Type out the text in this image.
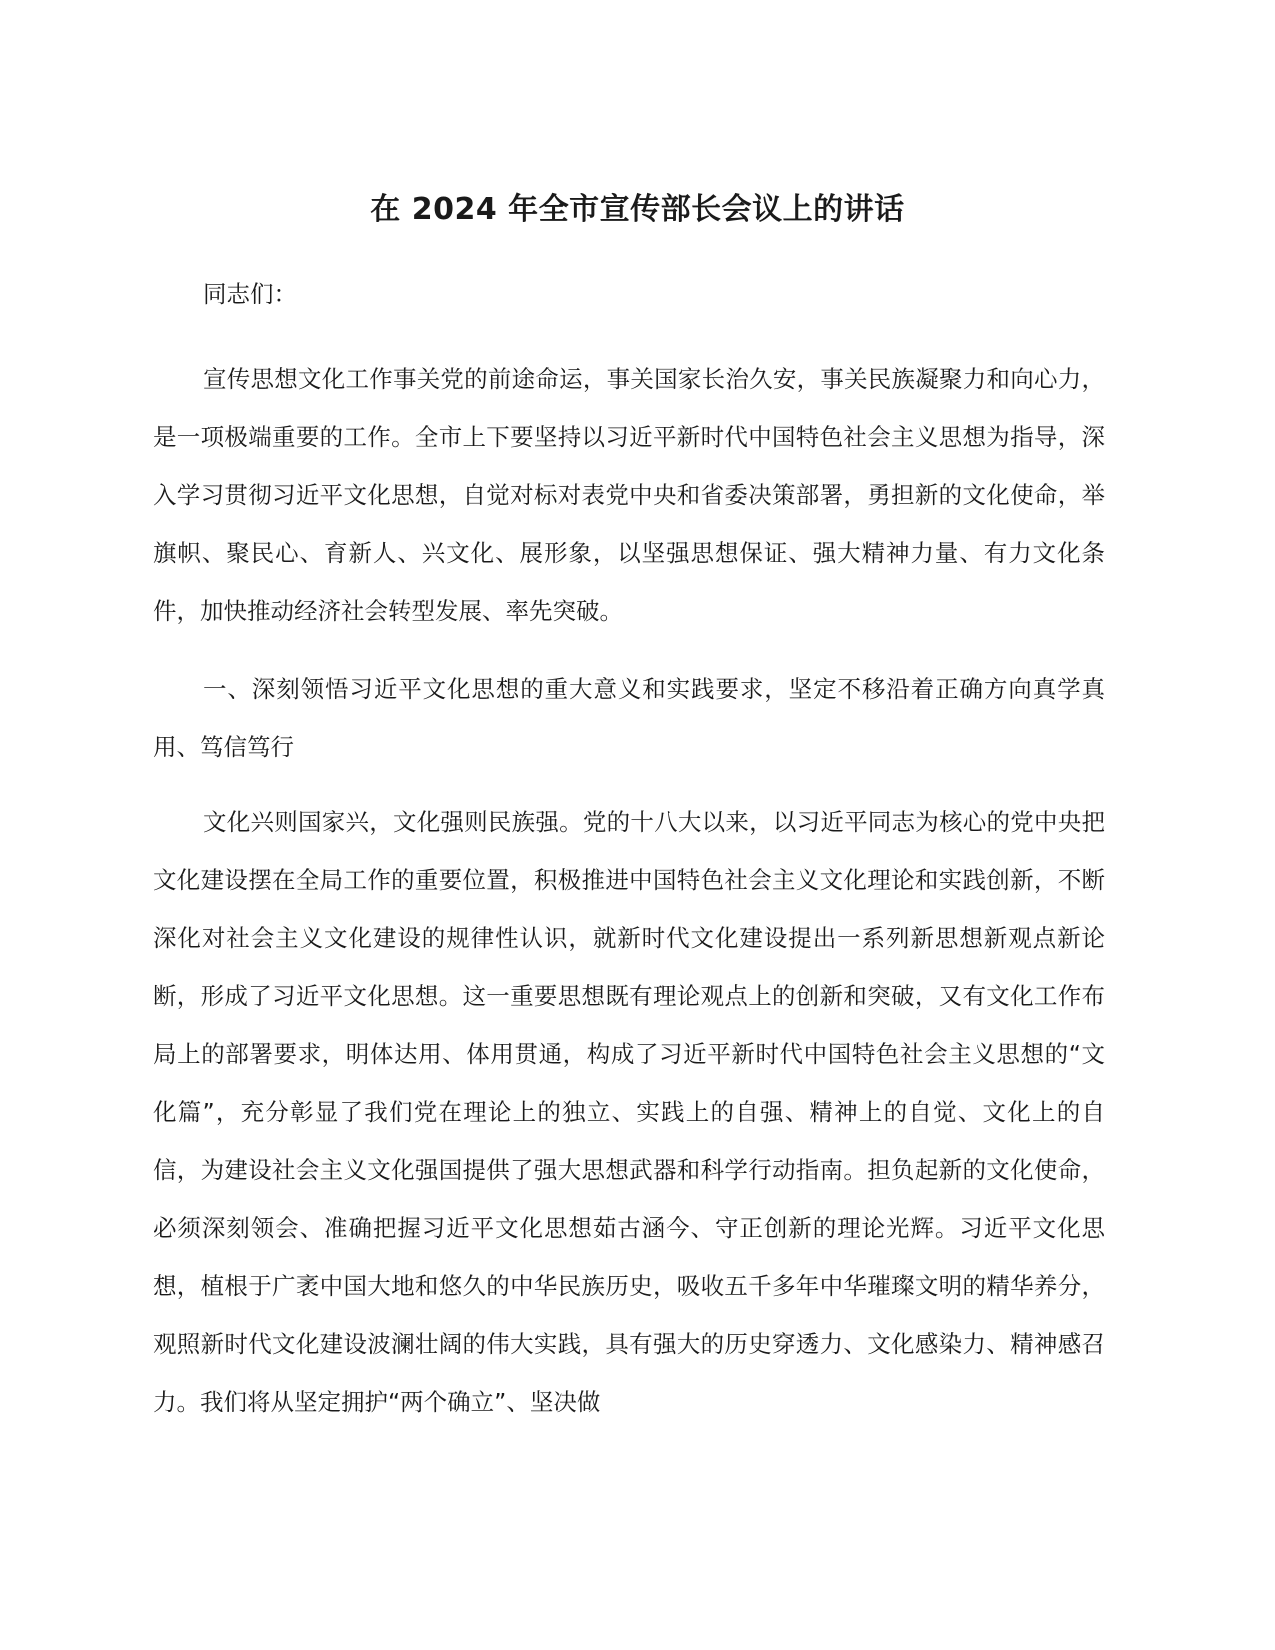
在 2024 年全市宣传部长会议上的讲话

同志们：

宣传思想文化工作事关党的前途命运，事关国家长治久安，事关民族凝聚力和向心力，是一项极端重要的工作。全市上下要坚持以习近平新时代中国特色社会主义思想为指导，深入学习贯彻习近平文化思想，自觉对标对表党中央和省委决策部署，勇担新的文化使命，举旗帜、聚民心、育新人、兴文化、展形象，以坚强思想保证、强大精神力量、有力文化条件，加快推动经济社会转型发展、率先突破。

一、深刻领悟习近平文化思想的重大意义和实践要求，坚定不移沿着正确方向真学真用、笃信笃行

文化兴则国家兴，文化强则民族强。党的十八大以来，以习近平同志为核心的党中央把文化建设摆在全局工作的重要位置，积极推进中国特色社会主义文化理论和实践创新，不断深化对社会主义文化建设的规律性认识，就新时代文化建设提出一系列新思想新观点新论断，形成了习近平文化思想。这一重要思想既有理论观点上的创新和突破，又有文化工作布局上的部署要求，明体达用、体用贯通，构成了习近平新时代中国特色社会主义思想的“文化篇”，充分彰显了我们党在理论上的独立、实践上的自强、精神上的自觉、文化上的自信，为建设社会主义文化强国提供了强大思想武器和科学行动指南。担负起新的文化使命，必须深刻领会、准确把握习近平文化思想茹古涵今、守正创新的理论光辉。习近平文化思想，植根于广袤中国大地和悠久的中华民族历史，吸收五千多年中华璀璨文明的精华养分，观照新时代文化建设波澜壮阔的伟大实践，具有强大的历史穿透力、文化感染力、精神感召力。我们将从坚定拥护“两个确立”、坚决做
